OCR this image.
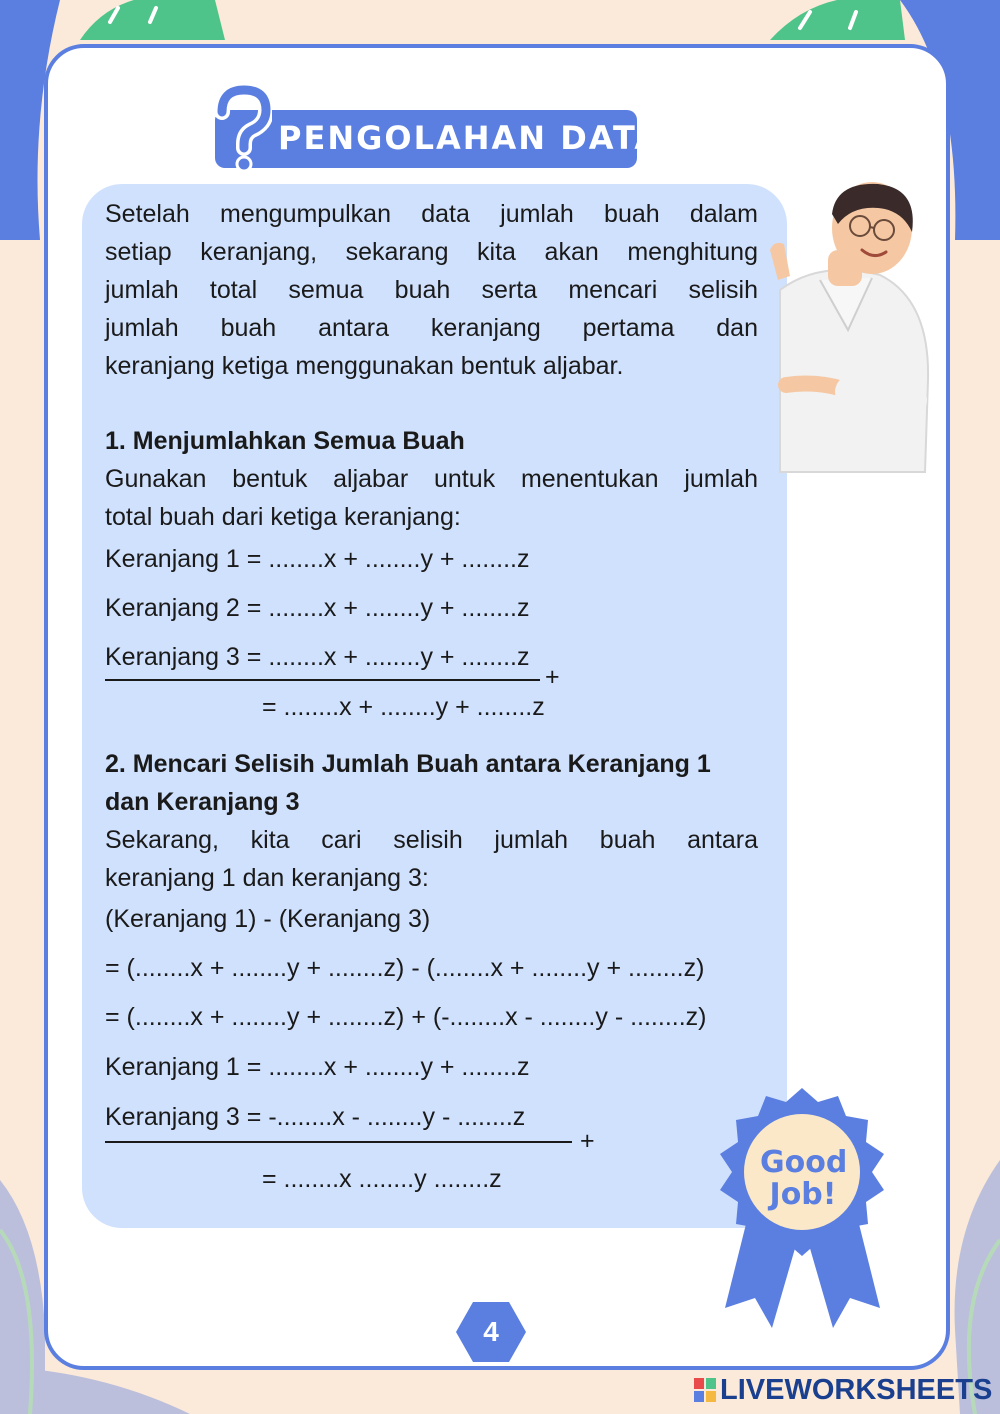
PENGOLAHAN DATA
Setelah mengumpulkan data jumlah buah dalam
setiap keranjang, sekarang kita akan menghitung
jumlah total semua buah serta mencari selisih
jumlah buah antara keranjang pertama dan
keranjang ketiga menggunakan bentuk aljabar.
1. Menjumlahkan Semua Buah
Gunakan bentuk aljabar untuk menentukan jumlah
total buah dari ketiga keranjang:
Keranjang 1 = ........x + ........y + ........z
Keranjang 2 = ........x + ........y + ........z
Keranjang 3 = ........x + ........y + ........z
+
= ........x + ........y + ........z
2. Mencari Selisih Jumlah Buah antara Keranjang 1
dan Keranjang 3
Sekarang, kita cari selisih jumlah buah antara
keranjang 1 dan keranjang 3:
(Keranjang 1) - (Keranjang 3)
= (........x + ........y + ........z) - (........x + ........y + ........z)
= (........x + ........y + ........z) + (-........x - ........y - ........z)
Keranjang 1 = ........x + ........y + ........z
Keranjang 3 = -........x - ........y - ........z
+
= ........x ........y ........z	Good
Job!
4
LIVEWORKSHEETS
